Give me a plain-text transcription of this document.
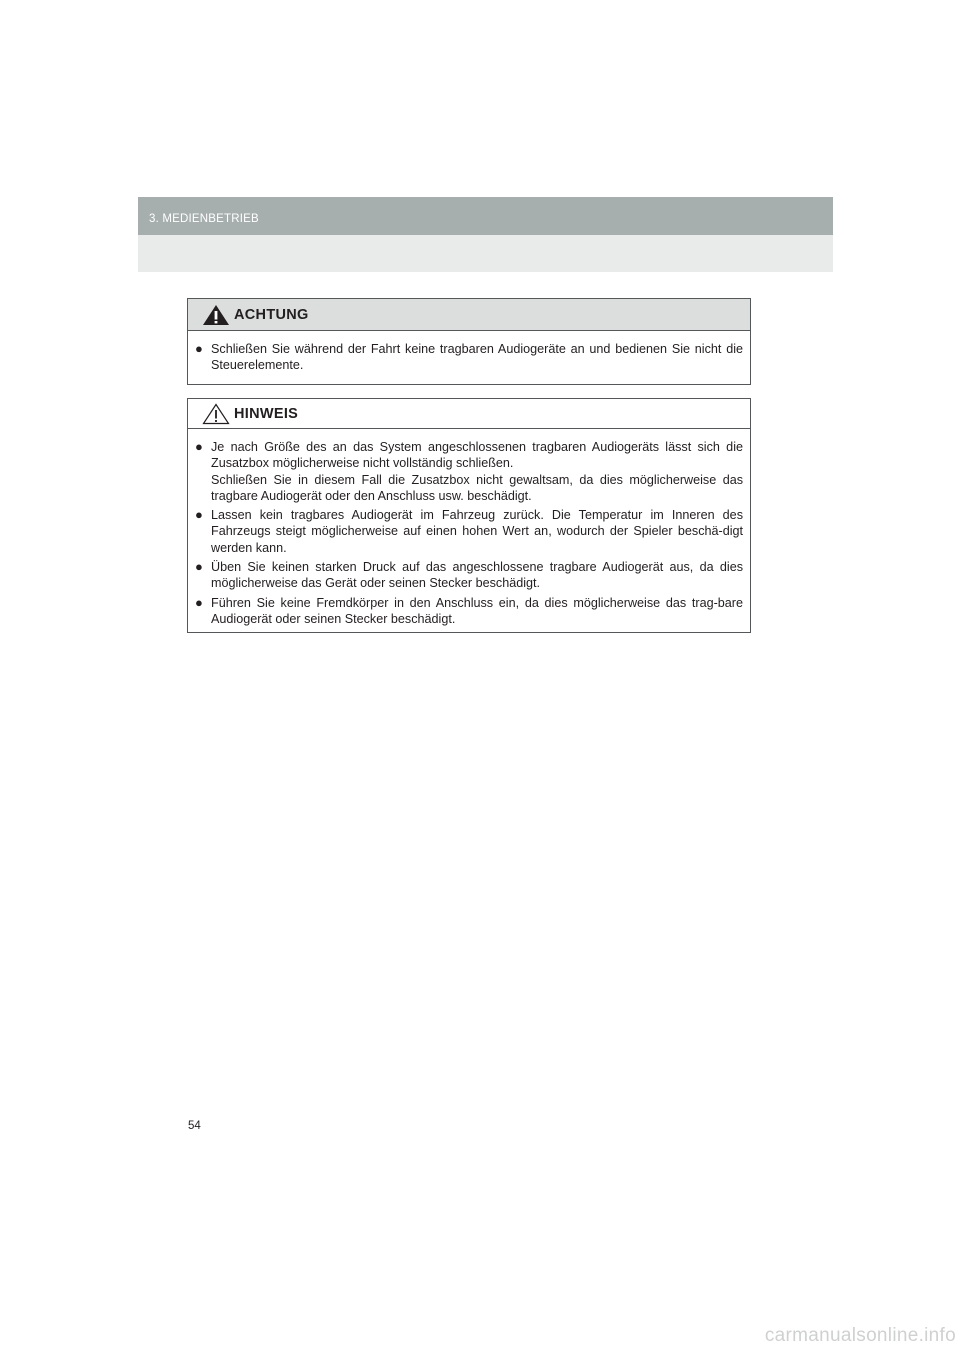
3. MEDIENBETRIEB
ACHTUNG
● Schließen Sie während der Fahrt keine tragbaren Audiogeräte an und bedienen Sie nicht die Steuerelemente.
HINWEIS
● Je nach Größe des an das System angeschlossenen tragbaren Audiogeräts lässt sich die Zusatzbox möglicherweise nicht vollständig schließen.
Schließen Sie in diesem Fall die Zusatzbox nicht gewaltsam, da dies möglicherweise das tragbare Audiogerät oder den Anschluss usw. beschädigt.
● Lassen kein tragbares Audiogerät im Fahrzeug zurück. Die Temperatur im Inneren des Fahrzeugs steigt möglicherweise auf einen hohen Wert an, wodurch der Spieler beschä-digt werden kann.
● Üben Sie keinen starken Druck auf das angeschlossene tragbare Audiogerät aus, da dies möglicherweise das Gerät oder seinen Stecker beschädigt.
● Führen Sie keine Fremdkörper in den Anschluss ein, da dies möglicherweise das trag-bare Audiogerät oder seinen Stecker beschädigt.
54
carmanualsonline.info
